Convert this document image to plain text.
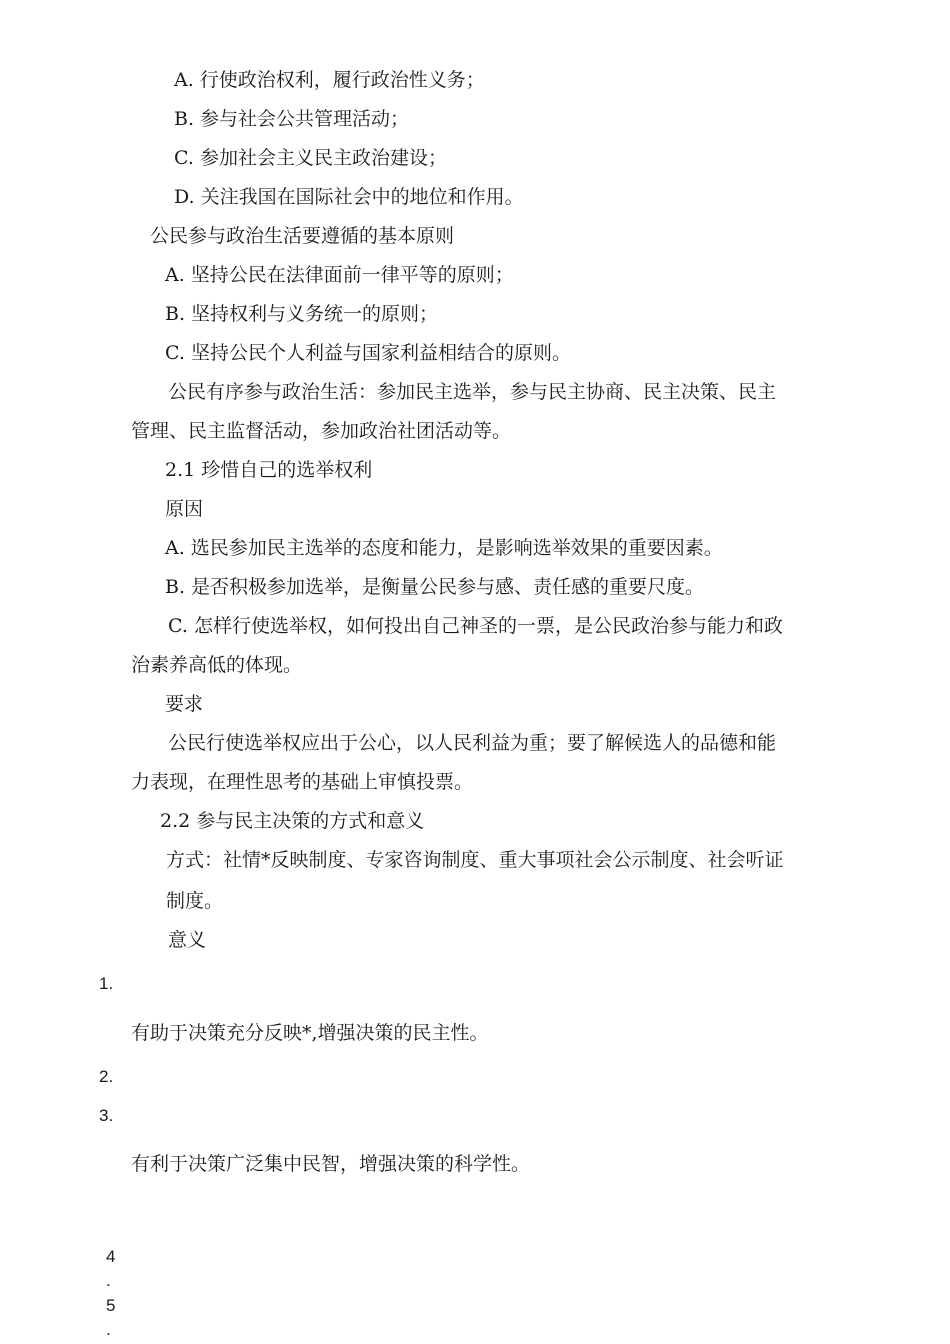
A. 行使政治权利，履行政治性义务；
B. 参与社会公共管理活动；
C. 参加社会主义民主政治建设；
D. 关注我国在国际社会中的地位和作用。
公民参与政治生活要遵循的基本原则
A. 坚持公民在法律面前一律平等的原则；
B. 坚持权利与义务统一的原则；
C. 坚持公民个人利益与国家利益相结合的原则。
公民有序参与政治生活：参加民主选举，参与民主协商、民主决策、民主
管理、民主监督活动，参加政治社团活动等。
2.1 珍惜自己的选举权利
原因
A. 选民参加民主选举的态度和能力，是影响选举效果的重要因素。
B. 是否积极参加选举，是衡量公民参与感、责任感的重要尺度。
C. 怎样行使选举权，如何投出自己神圣的一票，是公民政治参与能力和政
治素养高低的体现。
要求
公民行使选举权应出于公心，以人民利益为重；要了解候选人的品德和能
力表现，在理性思考的基础上审慎投票。
2.2 参与民主决策的方式和意义
方式：社情*反映制度、专家咨询制度、重大事项社会公示制度、社会听证
制度。
意义
1.
有助于决策充分反映*,增强决策的民主性。
2.
3.
有利于决策广泛集中民智，增强决策的科学性。
4
.
5
.
